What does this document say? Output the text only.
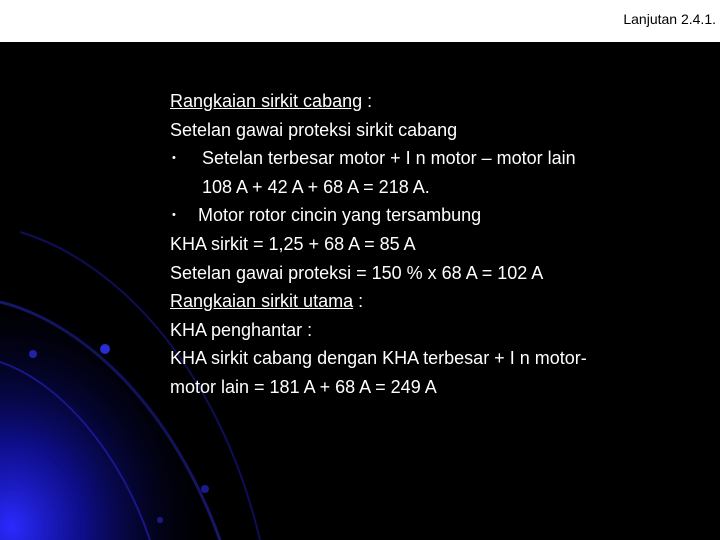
Lanjutan 2.4.1.
Rangkaian sirkit cabang :
Setelan gawai proteksi sirkit cabang
• Setelan terbesar motor + I n motor – motor lain
108 A + 42 A + 68 A = 218 A.
• Motor rotor cincin yang tersambung
KHA sirkit = 1,25 + 68 A = 85 A
Setelan gawai proteksi = 150 % x 68 A = 102 A
Rangkaian sirkit utama :
KHA penghantar :
KHA sirkit cabang dengan KHA terbesar + I n motor-
motor lain = 181 A + 68 A = 249 A
